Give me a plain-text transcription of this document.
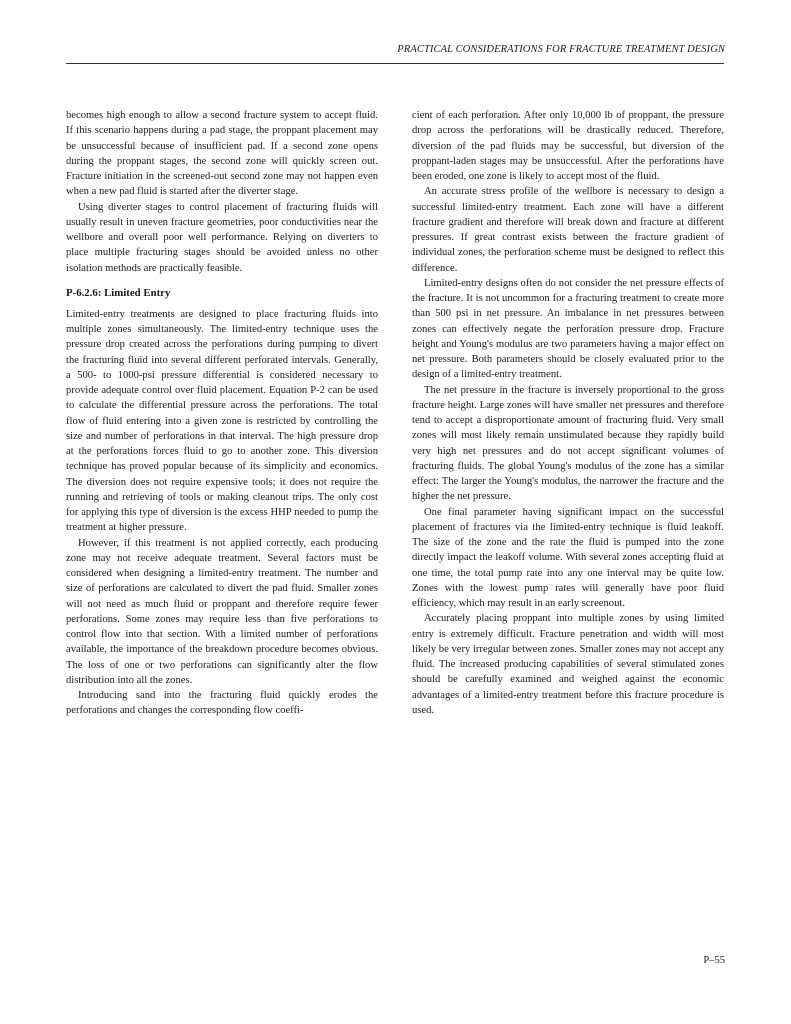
PRACTICAL CONSIDERATIONS FOR FRACTURE TREATMENT DESIGN

becomes high enough to allow a second fracture system to accept fluid. If this scenario happens during a pad stage, the proppant placement may be unsuccessful because of insufficient pad. If a second zone opens during the proppant stages, the second zone will quickly screen out. Fracture initiation in the screened-out second zone may not happen even when a new pad fluid is started after the diverter stage.

Using diverter stages to control placement of fracturing fluids will usually result in uneven fracture geometries, poor conductivities near the wellbore and overall poor well performance. Relying on diverters to place multiple fracturing stages should be avoided unless no other isolation methods are practically feasible.

P-6.2.6: Limited Entry

Limited-entry treatments are designed to place fracturing fluids into multiple zones simultaneously. The limited-entry technique uses the pressure drop created across the perforations during pumping to divert the fracturing fluid into several different perforated intervals. Generally, a 500- to 1000-psi pressure differential is considered necessary to provide adequate control over fluid placement. Equation P-2 can be used to calculate the differential pressure across the perforations. The total flow of fluid entering into a given zone is restricted by controlling the size and number of perforations in that interval. The high pressure drop at the perforations forces fluid to go to another zone. This diversion technique has proved popular because of its simplicity and economics. The diversion does not require expensive tools; it does not require the running and retrieving of tools or making cleanout trips. The only cost for applying this type of diversion is the excess HHP needed to pump the treatment at higher pressure.

However, if this treatment is not applied correctly, each producing zone may not receive adequate treatment. Several factors must be considered when designing a limited-entry treatment. The number and size of perforations are calculated to divert the pad fluid. Smaller zones will not need as much fluid or proppant and therefore require fewer perforations. Some zones may require less than five perforations to control flow into that section. With a limited number of perforations available, the importance of the breakdown procedure becomes obvious. The loss of one or two perforations can significantly alter the flow distribution into all the zones.

Introducing sand into the fracturing fluid quickly erodes the perforations and changes the corresponding flow coeffi-

cient of each perforation. After only 10,000 lb of proppant, the pressure drop across the perforations will be drastically reduced. Therefore, diversion of the pad fluids may be successful, but diversion of the proppant-laden stages may be unsuccessful. After the perforations have been eroded, one zone is likely to accept most of the fluid.

An accurate stress profile of the wellbore is necessary to design a successful limited-entry treatment. Each zone will have a different fracture gradient and therefore will break down and fracture at different pressures. If great contrast exists between the fracture gradient of individual zones, the perforation scheme must be designed to reflect this difference.

Limited-entry designs often do not consider the net pressure effects of the fracture. It is not uncommon for a fracturing treatment to create more than 500 psi in net pressure. An imbalance in net pressures between zones can effectively negate the perforation pressure drop. Fracture height and Young's modulus are two parameters having a major effect on net pressure. Both parameters should be closely evaluated prior to the design of a limited-entry treatment.

The net pressure in the fracture is inversely proportional to the gross fracture height. Large zones will have smaller net pressures and therefore tend to accept a disproportionate amount of fracturing fluid. Very small zones will most likely remain unstimulated because they rapidly build very high net pressures and do not accept significant volumes of fracturing fluids. The global Young's modulus of the zone has a similar effect: The larger the Young's modulus, the narrower the fracture and the higher the net pressure.

One final parameter having significant impact on the successful placement of fractures via the limited-entry technique is fluid leakoff. The size of the zone and the rate the fluid is pumped into the zone directly impact the leakoff volume. With several zones accepting fluid at one time, the total pump rate into any one interval may be quite low. Zones with the lowest pump rates will generally have poor fluid efficiency, which may result in an early screenout.

Accurately placing proppant into multiple zones by using limited entry is extremely difficult. Fracture penetration and width will most likely be very irregular between zones. Smaller zones may not accept any fluid. The increased producing capabilities of several stimulated zones should be carefully examined and weighed against the economic advantages of a limited-entry treatment before this fracture procedure is used.

P–55
